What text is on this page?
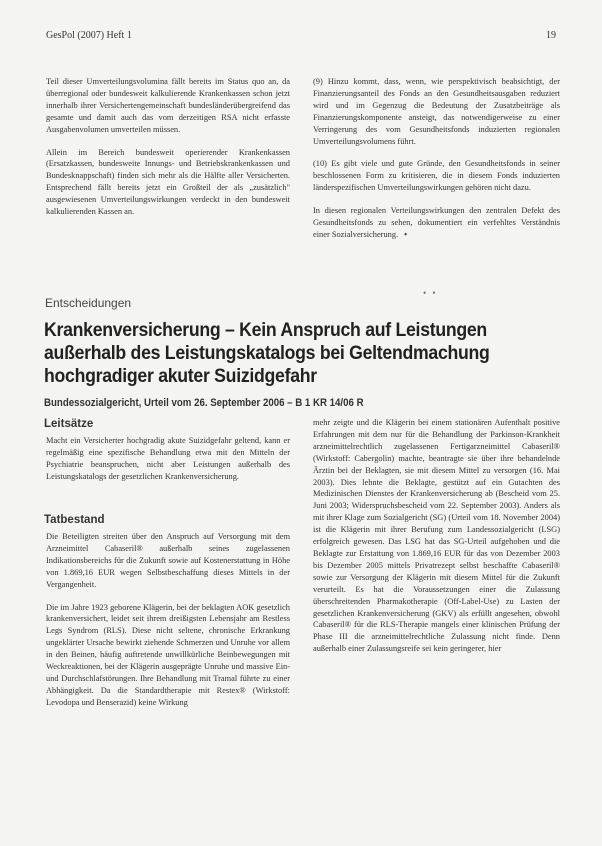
GesPol (2007) Heft 1	19

Teil dieser Umverteilungsvolumina fällt bereits im Status quo an, da überregional oder bundesweit kalkulierende Krankenkassen schon jetzt innerhalb ihrer Versichertengemeinschaft bundesländerübergreifend das gesamte und damit auch das vom derzeitigen RSA nicht erfasste Ausgabenvolumen umverteilen müssen.

Allein im Bereich bundesweit operierender Krankenkassen (Ersatzkassen, bundesweite Innungs- und Betriebskrankenkassen und Bundesknappschaft) finden sich mehr als die Hälfte aller Versicherten. Entsprechend fällt bereits jetzt ein Großteil der als „zusätzlich" ausgewiesenen Umverteilungswirkungen verdeckt in den bundesweit kalkulierenden Kassen an.

(9) Hinzu kommt, dass, wenn, wie perspektivisch beabsichtigt, der Finanzierungsanteil des Fonds an den Gesundheitsausgaben reduziert wird und im Gegenzug die Bedeutung der Zusatzbeiträge als Finanzierungskomponente ansteigt, das notwendigerweise zu einer Verringerung des vom Gesundheitsfonds induzierten regionalen Umverteilungsvolumens führt.

(10) Es gibt viele und gute Gründe, den Gesundheitsfonds in seiner beschlossenen Form zu kritisieren, die in diesem Fonds induzierten länderspezifischen Umverteilungswirkungen gehören nicht dazu.

In diesen regionalen Verteilungswirkungen den zentralen Defekt des Gesundheitsfonds zu sehen, dokumentiert ein verfehltes Verständnis einer Sozialversicherung. •

• •
Entscheidungen
Krankenversicherung – Kein Anspruch auf Leistungen außerhalb des Leistungskatalogs bei Geltendmachung hochgradiger akuter Suizidgefahr
Bundessozialgericht, Urteil vom 26. September 2006 – B 1 KR 14/06 R
Leitsätze

Macht ein Versicherter hochgradig akute Suizidgefahr geltend, kann er regelmäßig eine spezifische Behandlung etwa mit den Mitteln der Psychiatrie beanspruchen, nicht aber Leistungen außerhalb des Leistungskatalogs der gesetzlichen Krankenversicherung.

Tatbestand

Die Beteiligten streiten über den Anspruch auf Versorgung mit dem Arzneimittel Cabaseril® außerhalb seines zugelassenen Indikationsbereichs für die Zukunft sowie auf Kostenerstattung in Höhe von 1.869,16 EUR wegen Selbstbeschaffung dieses Mittels in der Vergangenheit.

Die im Jahre 1923 geborene Klägerin, bei der beklagten AOK gesetzlich krankenversichert, leidet seit ihrem dreißigsten Lebensjahr am Restless Legs Syndrom (RLS). Diese nicht seltene, chronische Erkrankung ungeklärter Ursache bewirkt ziehende Schmerzen und Unruhe vor allem in den Beinen, häufig auftretende unwillkürliche Beinbewegungen mit Weckreaktionen, bei der Klägerin ausgeprägte Unruhe und massive Ein- und Durchschlafstörungen. Ihre Behandlung mit Tramal führte zu einer Abhängigkeit. Da die Standardtherapie mit Restex® (Wirkstoff: Levodopa und Benserazid) keine Wirkung

mehr zeigte und die Klägerin bei einem stationären Aufenthalt positive Erfahrungen mit dem nur für die Behandlung der Parkinson-Krankheit arzneimittelrechtlich zugelassenen Fertigarzneimittel Cabaseril® (Wirkstoff: Cabergolin) machte, beantragte sie über ihre behandelnde Ärztin bei der Beklagten, sie mit diesem Mittel zu versorgen (16. Mai 2003). Dies lehnte die Beklagte, gestützt auf ein Gutachten des Medizinischen Dienstes der Krankenversicherung ab (Bescheid vom 25. Juni 2003; Widerspruchsbescheid vom 22. September 2003). Anders als mit ihrer Klage zum Sozialgericht (SG) (Urteil vom 18. November 2004) ist die Klägerin mit ihrer Berufung zum Landessozialgericht (LSG) erfolgreich gewesen. Das LSG hat das SG-Urteil aufgehoben und die Beklagte zur Erstattung von 1.869,16 EUR für das von Dezember 2003 bis Dezember 2005 mittels Privatrezept selbst beschaffte Cabaseril® sowie zur Versorgung der Klägerin mit diesem Mittel für die Zukunft verurteilt. Es hat die Voraussetzungen einer die Zulassung überschreitenden Pharmakotherapie (Off-Label-Use) zu Lasten der gesetzlichen Krankenversicherung (GKV) als erfüllt angesehen, obwohl Cabaseril® für die RLS-Therapie mangels einer klinischen Prüfung der Phase III die arzneimittelrechtliche Zulassung nicht finde. Denn außerhalb einer Zulassungsreife sei kein geringerer, hier
